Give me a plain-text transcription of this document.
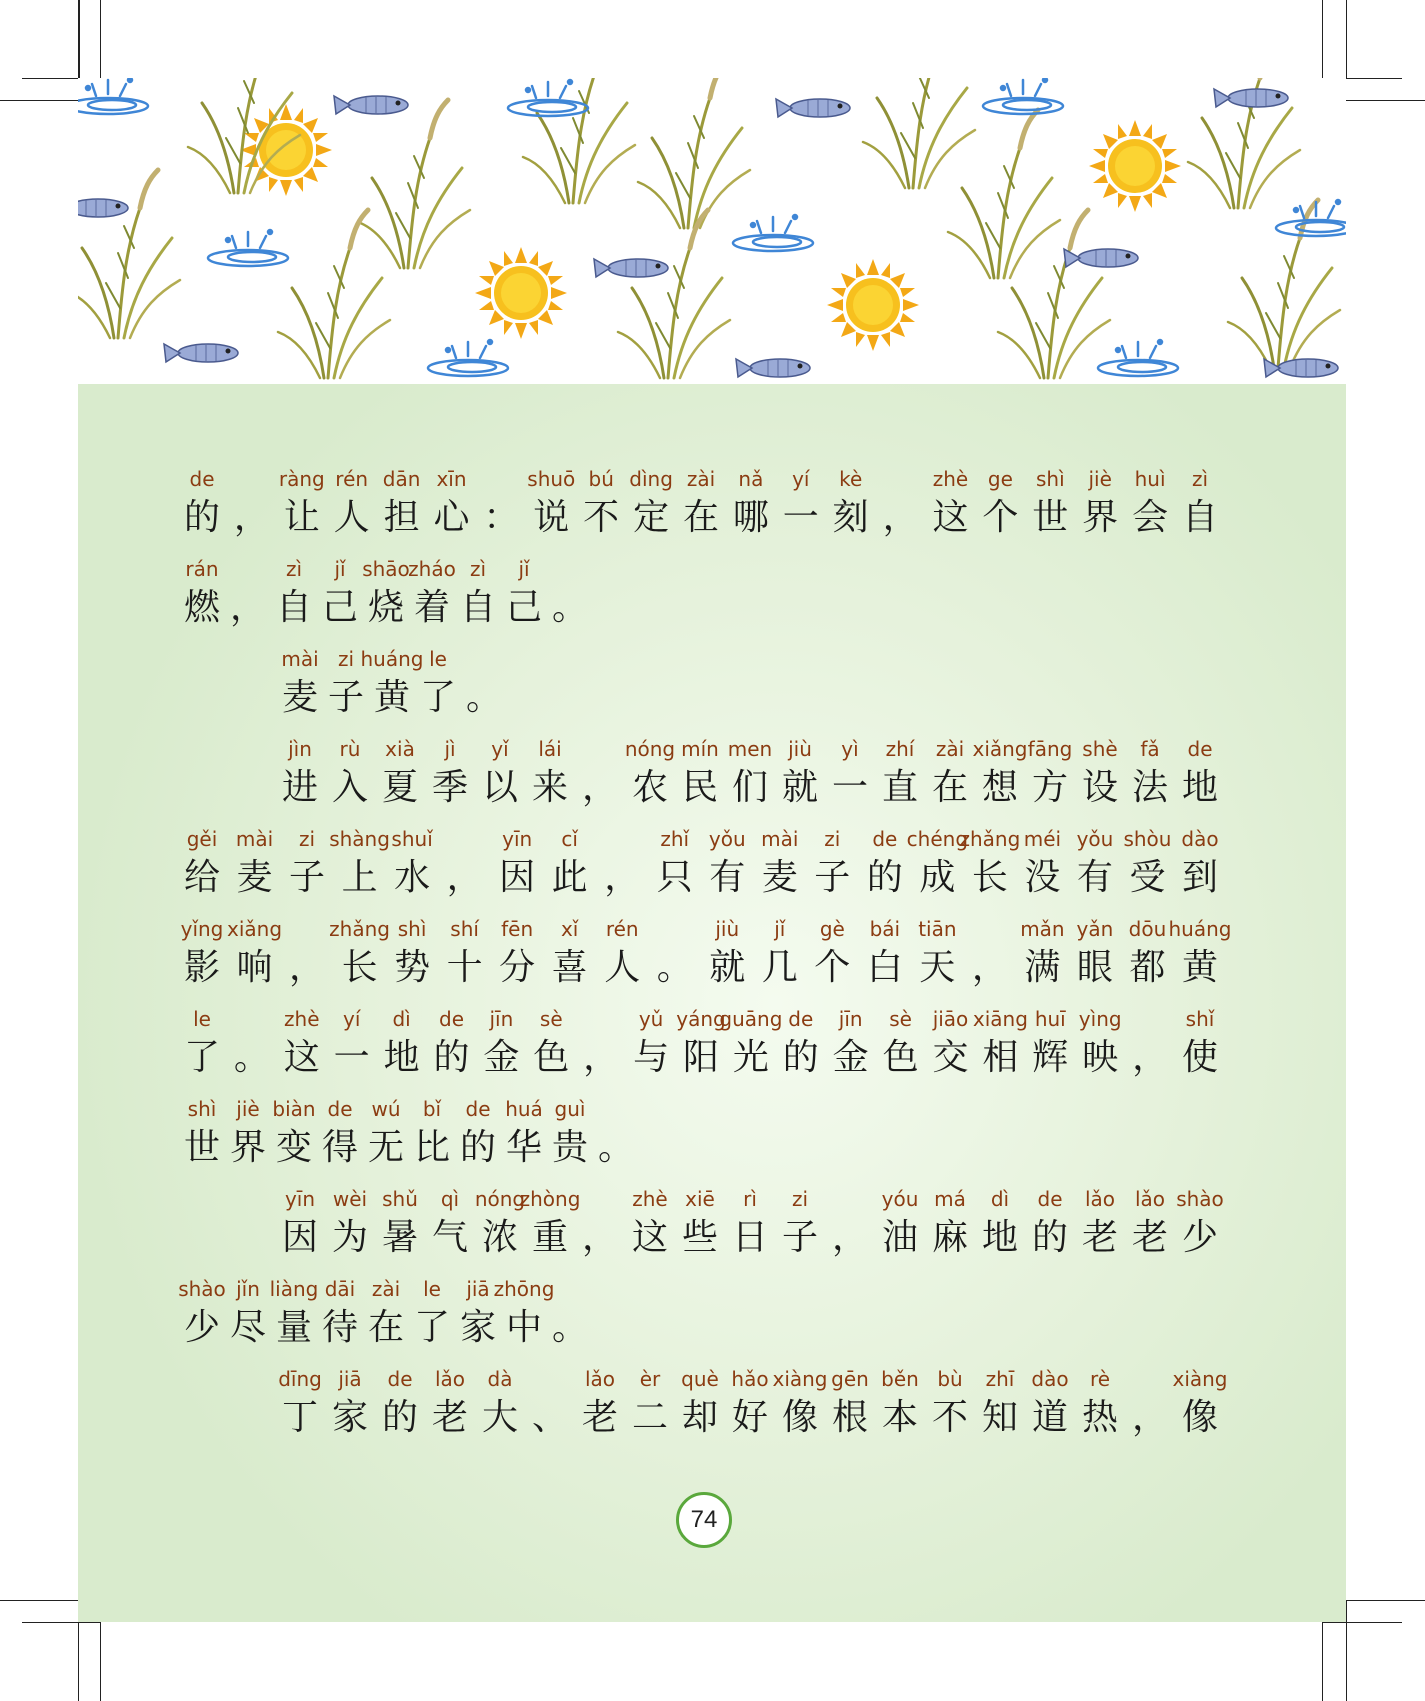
de
的 ，
ràng
让
rén
人
dān
担
xīn
心 ：
shuō
说
bú
不
dìng
定
zài
在
nǎ
哪
yí
一
kè
刻 ，
zhè
这
ge
个
shì
世
jiè
界
huì
会
zì
自
rán
燃 ，
zì
自
jǐ
己
shāo
烧
zháo
着
zì
自
jǐ
己 。
mài
麦
zi
子
huáng
黄
le
了 。
jìn
进
rù
入
xià
夏
jì
季
yǐ
以
lái
来 ，
nóng
农
mín
民
men
们
jiù
就
yì
一
zhí
直
zài
在
xiǎng
想
fāng
方
shè
设
fǎ
法
de
地
gěi
给
mài
麦
zi
子
shàng
上
shuǐ
水 ，
yīn
因
cǐ
此 ，
zhǐ
只
yǒu
有
mài
麦
zi
子
de
的
chéng
成
zhǎng
长
méi
没
yǒu
有
shòu
受
dào
到
yǐng
影
xiǎng
响 ，
zhǎng
长
shì
势
shí
十
fēn
分
xǐ
喜
rén
人 。
jiù
就
jǐ
几
gè
个
bái
白
tiān
天 ，
mǎn
满
yǎn
眼
dōu
都
huáng
黄
le
了 。
zhè
这
yí
一
dì
地
de
的
jīn
金
sè
色 ，
yǔ
与
yáng
阳
guāng
光
de
的
jīn
金
sè
色
jiāo
交
xiāng
相
huī
辉
yìng
映 ，
shǐ
使
shì
世
jiè
界
biàn
变
de
得
wú
无
bǐ
比
de
的
huá
华
guì
贵 。
yīn
因
wèi
为
shǔ
暑
qì
气
nóng
浓
zhòng
重 ，
zhè
这
xiē
些
rì
日
zi
子 ，
yóu
油
má
麻
dì
地
de
的
lǎo
老
lǎo
老
shào
少
shào
少
jǐn
尽
liàng
量
dāi
待
zài
在
le
了
jiā
家
zhōng
中 。
dīng
丁
jiā
家
de
的
lǎo
老
dà
大 、
lǎo
老
èr
二
què
却
hǎo
好
xiàng
像
gēn
根
běn
本
bù
不
zhī
知
dào
道
rè
热 ，
xiàng
像
74
